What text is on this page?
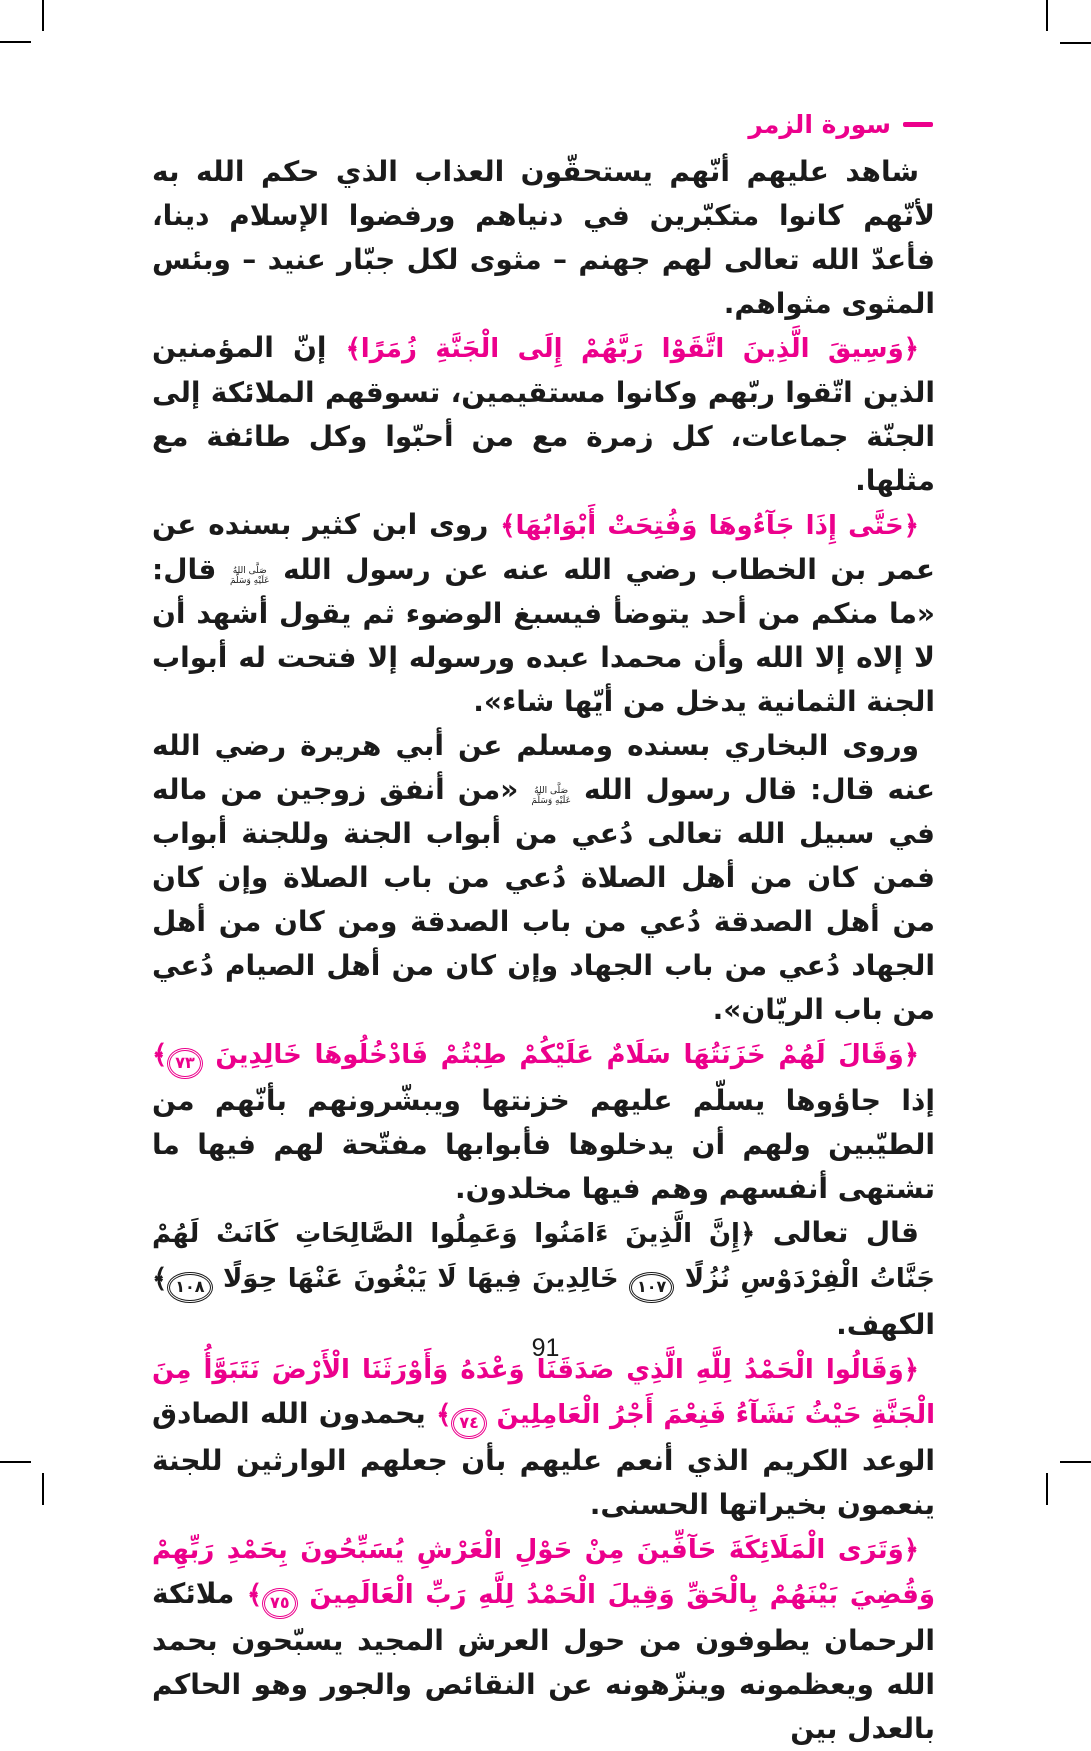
سورة الزمر

شاهد عليهم أنّهم يستحقّون العذاب الذي حكم الله به لأنّهم كانوا متكبّرين في دنياهم ورفضوا الإسلام دينا، فأعدّ الله تعالى لهم جهنم – مثوى لكل جبّار عنيد – وبئس المثوى مثواهم.

﴿وَسِيقَ الَّذِينَ اتَّقَوْا رَبَّهُمْ إِلَى الْجَنَّةِ زُمَرًا﴾ إنّ المؤمنين الذين اتّقوا ربّهم وكانوا مستقيمين، تسوقهم الملائكة إلى الجنّة جماعات، كل زمرة مع من أحبّوا وكل طائفة مع مثلها.

﴿حَتَّى إِذَا جَآءُوهَا وَفُتِحَتْ أَبْوَابُهَا﴾ روى ابن كثير بسنده عن عمر بن الخطاب رضي الله عنه عن رسول الله صَلَّى اللهُ
عَلَيْهِ وَسَلَّمَ قال: «ما منكم من أحد يتوضأ فيسبغ الوضوء ثم يقول أشهد أن لا إلاه إلا الله وأن محمدا عبده ورسوله إلا فتحت له أبواب الجنة الثمانية يدخل من أيّها شاء».

وروى البخاري بسنده ومسلم عن أبي هريرة رضي الله عنه قال: قال رسول الله صَلَّى اللهُ
عَلَيْهِ وَسَلَّمَ «من أنفق زوجين من ماله في سبيل الله تعالى دُعي من أبواب الجنة وللجنة أبواب فمن كان من أهل الصلاة دُعي من باب الصلاة وإن كان من أهل الصدقة دُعي من باب الصدقة ومن كان من أهل الجهاد دُعي من باب الجهاد وإن كان من أهل الصيام دُعي من باب الريّان».

﴿وَقَالَ لَهُمْ خَزَنَتُهَا سَلَامٌ عَلَيْكُمْ طِبْتُمْ فَادْخُلُوهَا خَالِدِينَ ٧٣﴾ إذا جاؤوها يسلّم عليهم خزنتها ويبشّرونهم بأنّهم من الطيّبين ولهم أن يدخلوها فأبوابها مفتّحة لهم فيها ما تشتهى أنفسهم وهم فيها مخلدون.

قال تعالى ﴿إِنَّ الَّذِينَ ءَامَنُوا وَعَمِلُوا الصَّالِحَاتِ كَانَتْ لَهُمْ جَنَّاتُ الْفِرْدَوْسِ نُزُلًا ١٠٧ خَالِدِينَ فِيهَا لَا يَبْغُونَ عَنْهَا حِوَلًا ١٠٨﴾ الكهف.

﴿وَقَالُوا الْحَمْدُ لِلَّهِ الَّذِي صَدَقَنَا وَعْدَهُ وَأَوْرَثَنَا الْأَرْضَ نَتَبَوَّأُ مِنَ الْجَنَّةِ حَيْثُ نَشَآءُ فَنِعْمَ أَجْرُ الْعَامِلِينَ ٧٤﴾ يحمدون الله الصادق الوعد الكريم الذي أنعم عليهم بأن جعلهم الوارثين للجنة ينعمون بخيراتها الحسنى.

﴿وَتَرَى الْمَلَائِكَةَ حَآفِّينَ مِنْ حَوْلِ الْعَرْشِ يُسَبِّحُونَ بِحَمْدِ رَبِّهِمْ وَقُضِيَ بَيْنَهُمْ بِالْحَقِّ وَقِيلَ الْحَمْدُ لِلَّهِ رَبِّ الْعَالَمِينَ ٧٥﴾ ملائكة الرحمان يطوفون من حول العرش المجيد يسبّحون بحمد الله ويعظمونه وينزّهونه عن النقائص والجور وهو الحاكم بالعدل بين

91
